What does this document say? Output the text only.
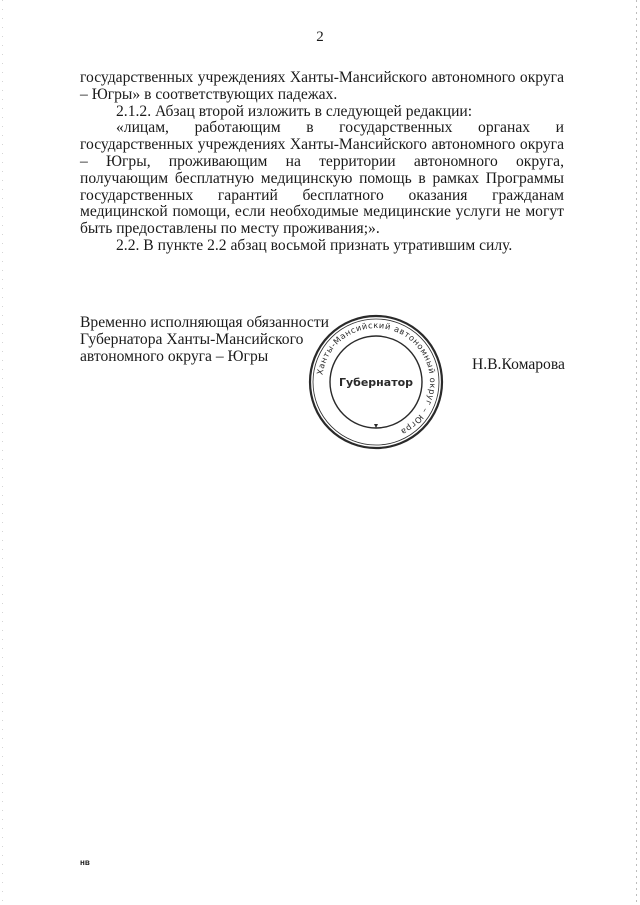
2

государственных учреждениях Ханты-Мансийского автономного округа – Югры» в соответствующих падежах.

2.1.2. Абзац второй изложить в следующей редакции:

«лицам, работающим в государственных органах и государственных учреждениях Ханты-Мансийского автономного округа – Югры, проживающим на территории автономного округа, получающим бесплатную медицинскую помощь в рамках Программы государственных гарантий бесплатного оказания гражданам медицинской помощи, если необходимые медицинские услуги не могут быть предоставлены по месту проживания;».

2.2. В пункте 2.2 абзац восьмой признать утратившим силу.

Временно исполняющая обязанности
Губернатора Ханты-Мансийского
автономного округа – Югры
Ханты-Мансийский автономный округ – Югра
Губернатор
Н.В.Комарова
нв
